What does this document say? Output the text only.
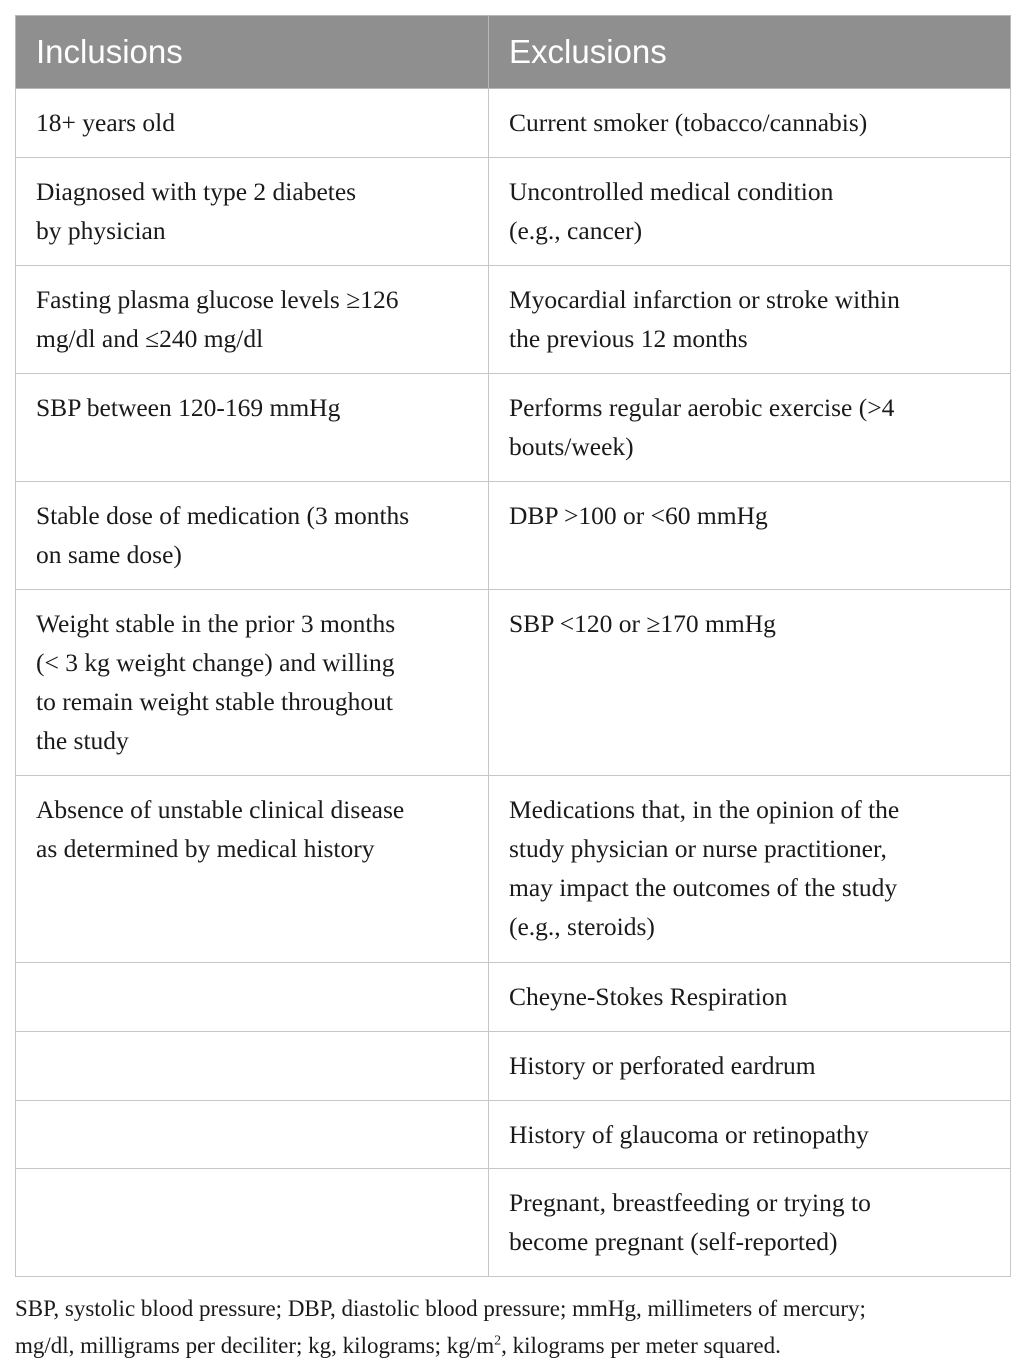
Inclusions	Exclusions

18+ years old	Current smoker (tobacco/cannabis)

Diagnosed with type 2 diabetes
by physician	Uncontrolled medical condition
(e.g., cancer)

Fasting plasma glucose levels ≥126
mg/dl and ≤240 mg/dl	Myocardial infarction or stroke within
the previous 12 months

SBP between 120-169 mmHg	Performs regular aerobic exercise (>4
bouts/week)

Stable dose of medication (3 months
on same dose)	DBP >100 or <60 mmHg

Weight stable in the prior 3 months
(< 3 kg weight change) and willing
to remain weight stable throughout
the study	SBP <120 or ≥170 mmHg

Absence of unstable clinical disease
as determined by medical history	Medications that, in the opinion of the
study physician or nurse practitioner,
may impact the outcomes of the study
(e.g., steroids)

	Cheyne-Stokes Respiration

	History or perforated eardrum

	History of glaucoma or retinopathy

	Pregnant, breastfeeding or trying to
become pregnant (self-reported)
SBP, systolic blood pressure; DBP, diastolic blood pressure; mmHg, millimeters of mercury;
mg/dl, milligrams per deciliter; kg, kilograms; $kg/m^2$, kilograms per meter squared.
